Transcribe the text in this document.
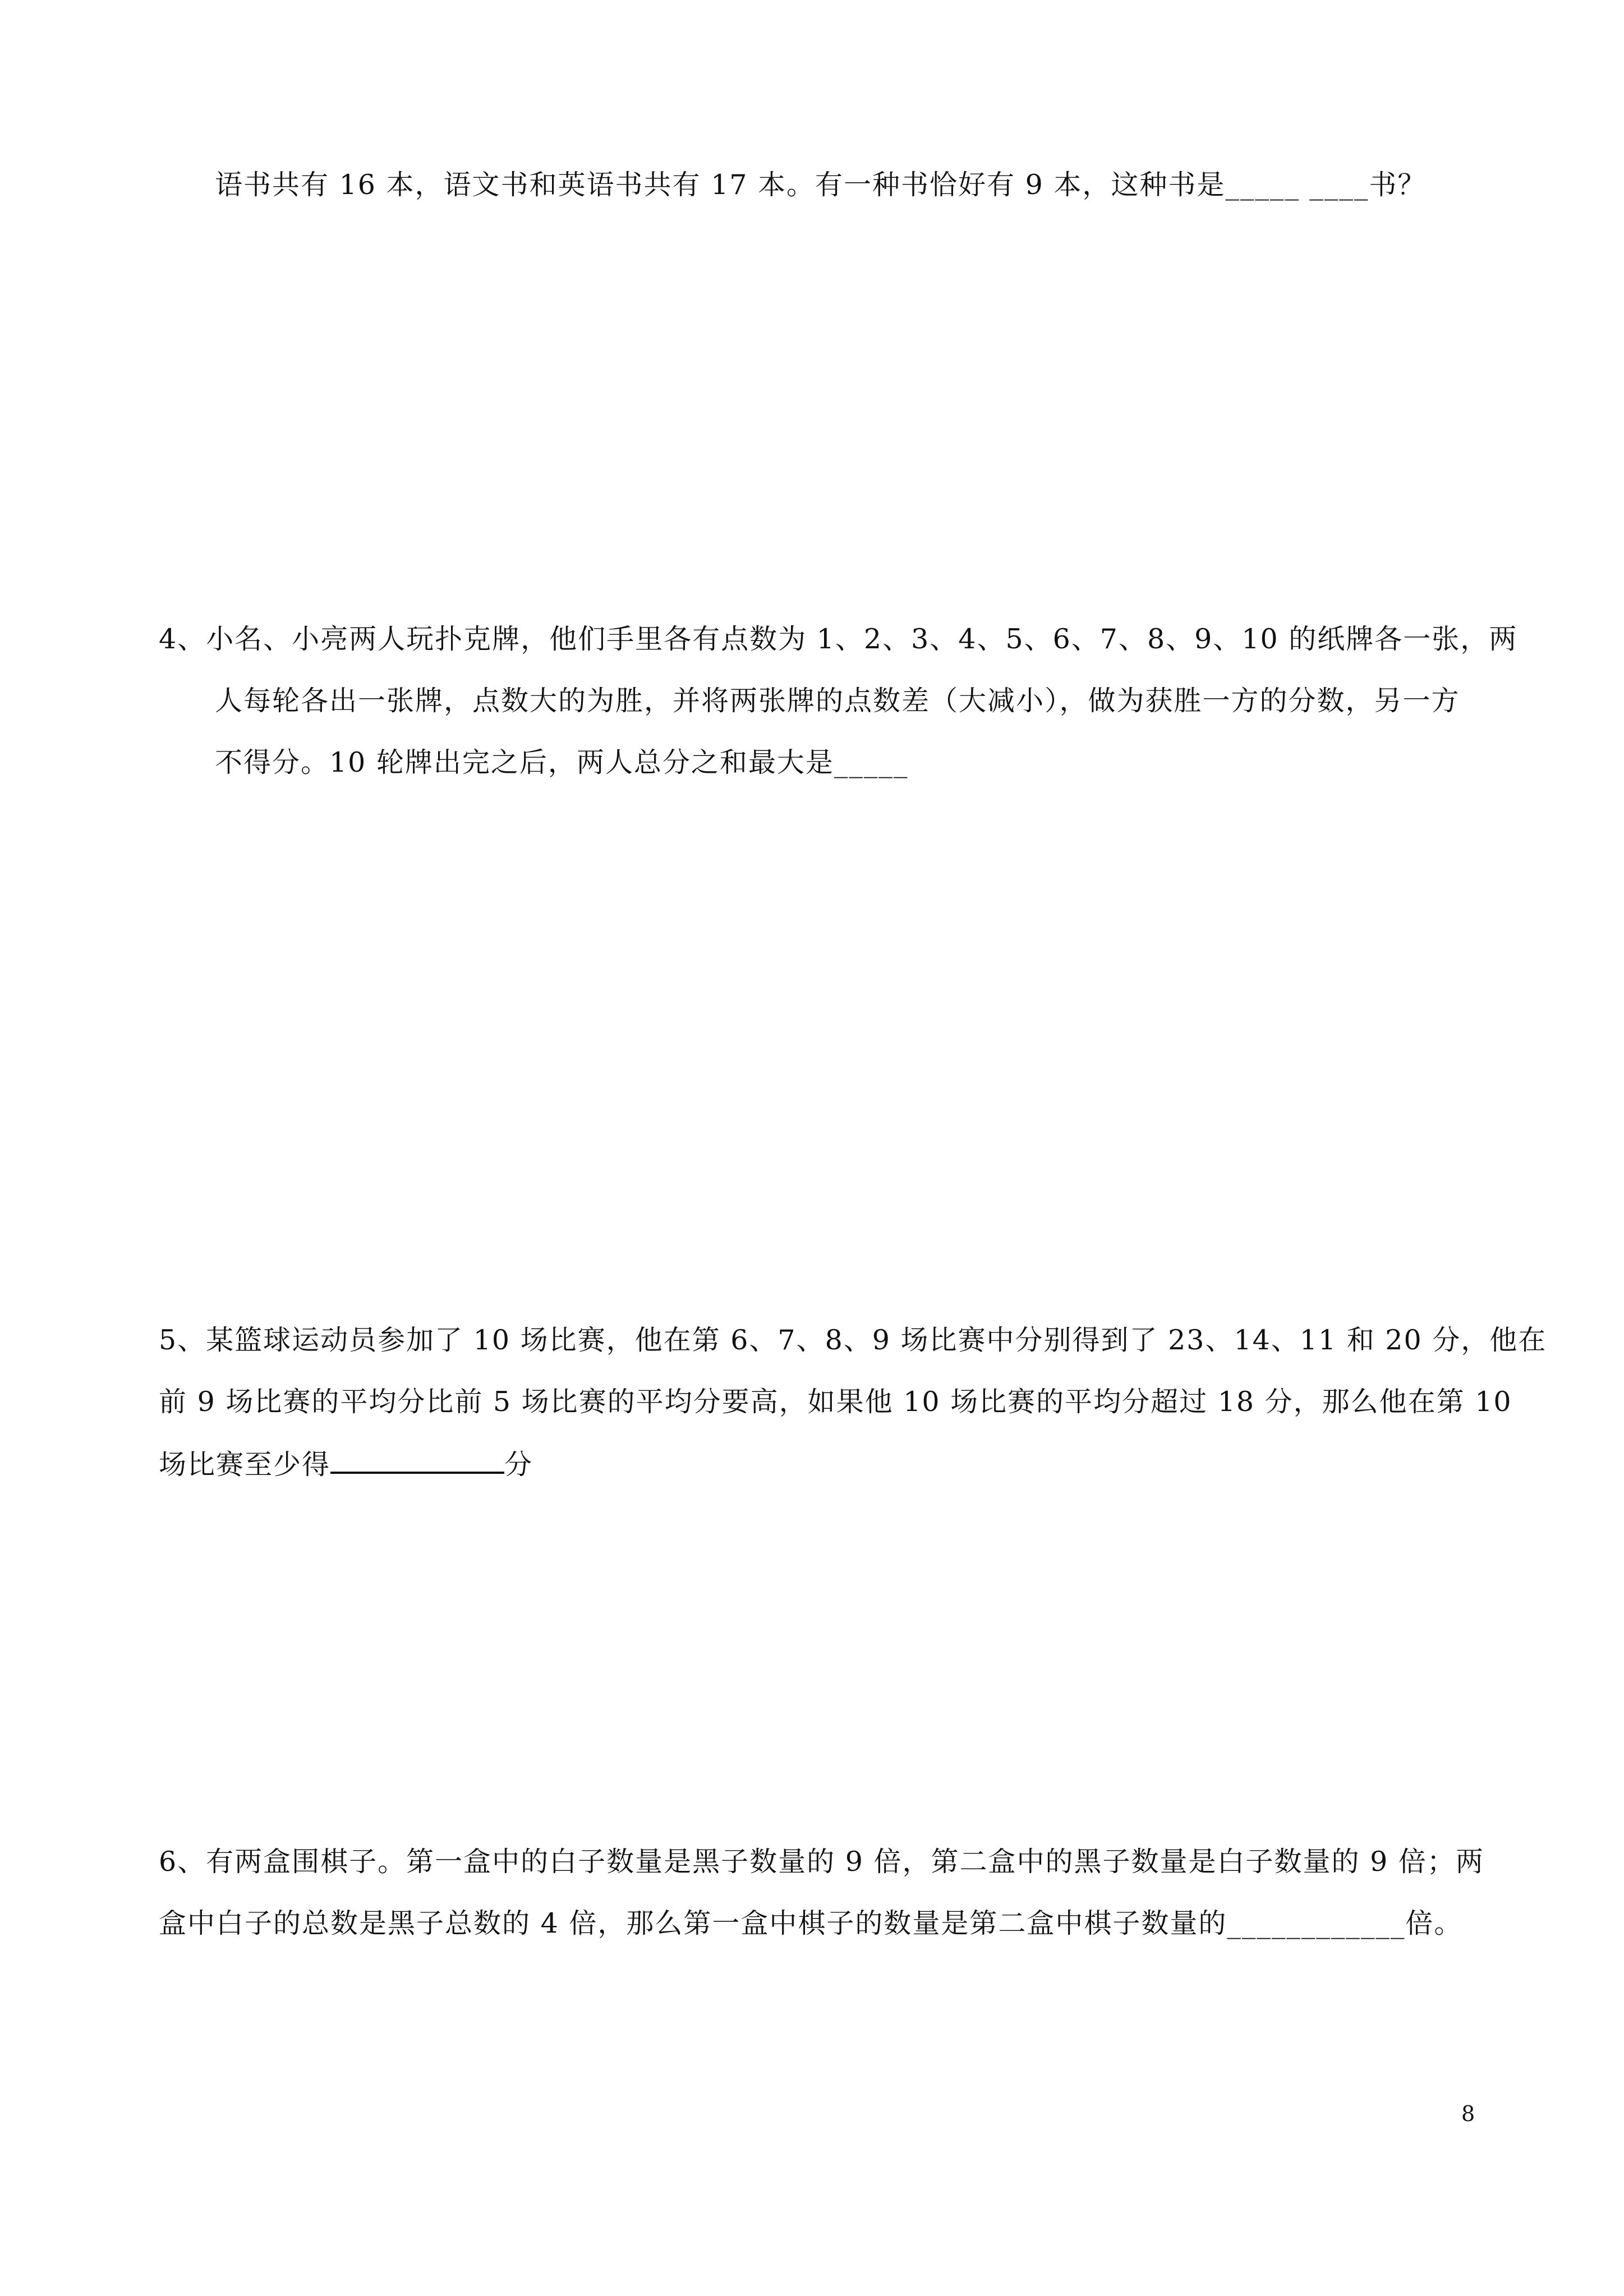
语书共有 16 本，语文书和英语书共有 17 本。有一种书恰好有 9 本，这种书是_____ ____书？
4、小名、小亮两人玩扑克牌，他们手里各有点数为 1、2、3、4、5、6、7、8、9、10 的纸牌各一张，两
人每轮各出一张牌，点数大的为胜，并将两张牌的点数差（大减小），做为获胜一方的分数，另一方
不得分。10 轮牌出完之后，两人总分之和最大是_____
5、某篮球运动员参加了 10 场比赛，他在第 6、7、8、9 场比赛中分别得到了 23、14、11 和 20 分，他在
前 9 场比赛的平均分比前 5 场比赛的平均分要高，如果他 10 场比赛的平均分超过 18 分，那么他在第 10
场比赛至少得	分
6、有两盒围棋子。第一盒中的白子数量是黑子数量的 9 倍，第二盒中的黑子数量是白子数量的 9 倍；两
盒中白子的总数是黑子总数的 4 倍，那么第一盒中棋子的数量是第二盒中棋子数量的____________倍。
8
